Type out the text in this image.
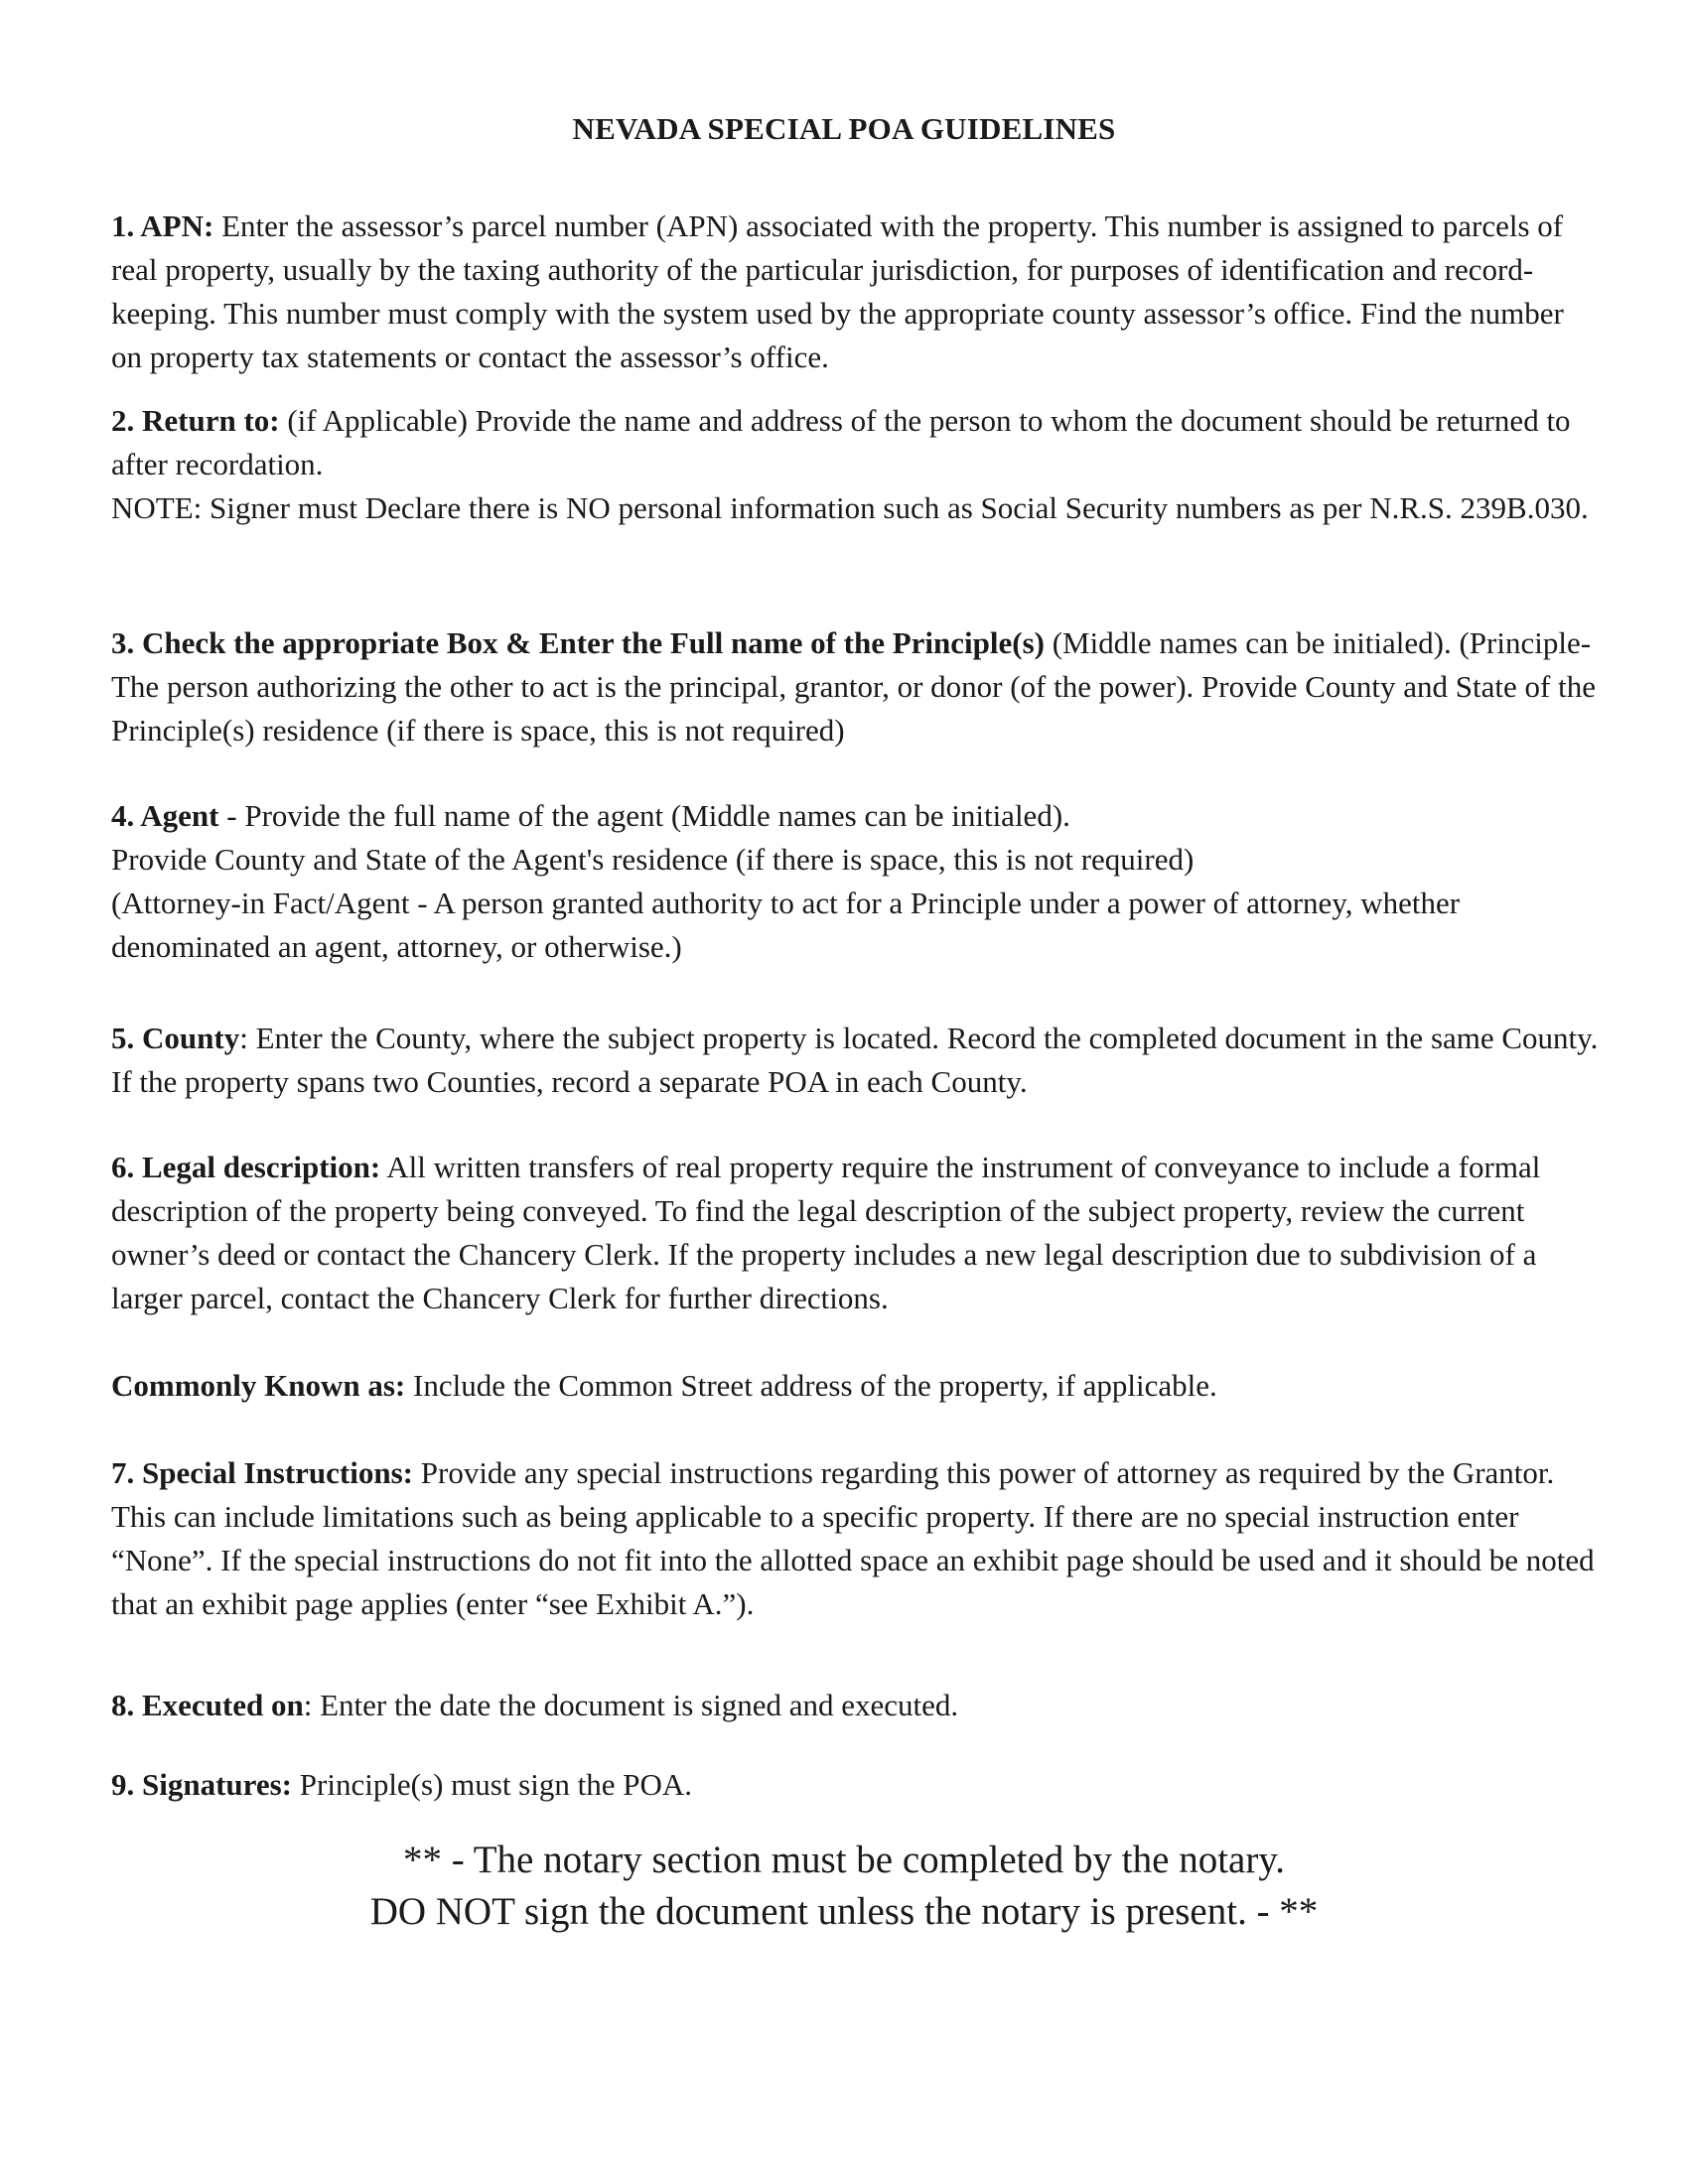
NEVADA SPECIAL POA GUIDELINES

1. APN: Enter the assessor’s parcel number (APN) associated with the property. This number is assigned to parcels of real property, usually by the taxing authority of the particular jurisdiction, for purposes of identification and record-keeping. This number must comply with the system used by the appropriate county assessor’s office. Find the number on property tax statements or contact the assessor’s office.

2. Return to: (if Applicable) Provide the name and address of the person to whom the document should be returned to after recordation.

NOTE: Signer must Declare there is NO personal information such as Social Security numbers as per N.R.S. 239B.030.

3. Check the appropriate Box & Enter the Full name of the Principle(s) (Middle names can be initialed). (Principle-The person authorizing the other to act is the principal, grantor, or donor (of the power). Provide County and State of the Principle(s) residence (if there is space, this is not required)

4. Agent - Provide the full name of the agent (Middle names can be initialed).

Provide County and State of the Agent's residence (if there is space, this is not required)

(Attorney-in Fact/Agent - A person granted authority to act for a Principle under a power of attorney, whether denominated an agent, attorney, or otherwise.)

5. County: Enter the County, where the subject property is located. Record the completed document in the same County. If the property spans two Counties, record a separate POA in each County.

6. Legal description: All written transfers of real property require the instrument of conveyance to include a formal description of the property being conveyed. To find the legal description of the subject property, review the current owner’s deed or contact the Chancery Clerk. If the property includes a new legal description due to subdivision of a larger parcel, contact the Chancery Clerk for further directions.

Commonly Known as: Include the Common Street address of the property, if applicable.

7. Special Instructions: Provide any special instructions regarding this power of attorney as required by the Grantor. This can include limitations such as being applicable to a specific property. If there are no special instruction enter “None”. If the special instructions do not fit into the allotted space an exhibit page should be used and it should be noted that an exhibit page applies (enter “see Exhibit A.”).

8. Executed on: Enter the date the document is signed and executed.

9. Signatures: Principle(s) must sign the POA.

** - The notary section must be completed by the notary.

DO NOT sign the document unless the notary is present. - **
